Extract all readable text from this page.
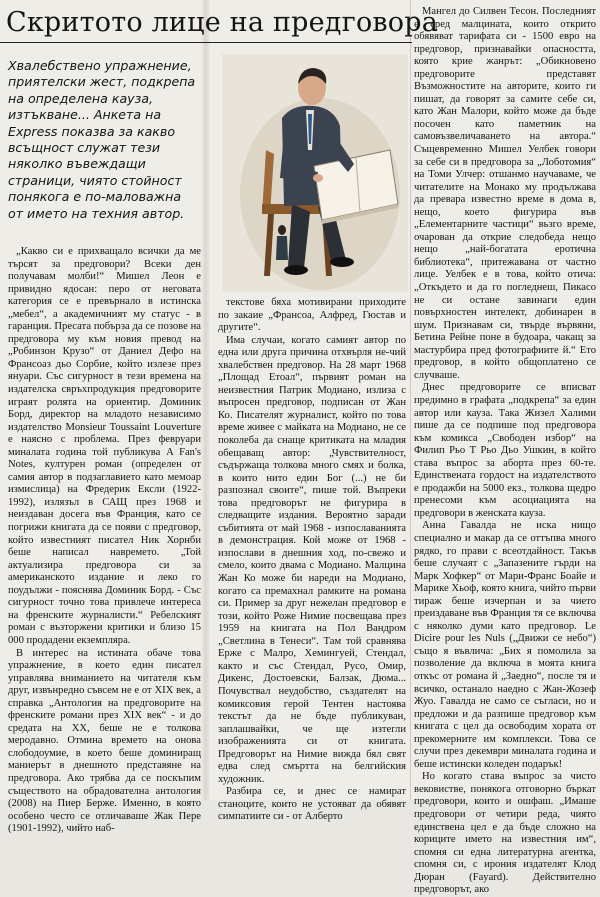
Скритото лице на предговора
Хвалебствено упражнение, приятелски жест, подкрепа на определена кауза, изтъкване... Анкета на Express показва за какво всъщност служат тези няколко въвеждащи страници, чиято стойност понякога е по-маловажна от името на техния автор.

„Какво си е прихващало всички да ме търсят за предговори? Всеки ден получавам молби!“ Мишел Леон е привидно ядосан: перо от неговата категория се е превърнало в истинска „мебел“, а академичният му статус - в гаранция. Пресата побърза да се позове на предговора му към новия превод на „Робинзон Крузо“ от Даниел Дефо на Франсоаз дьо Сорбие, който излезе през януари. Със сигурност в тези времена на издателска свръхпродукция предговорите играят ролята на ориентир. Доминик Борд, директор на младото независимо издателство Monsieur Toussaint Louverture е наясно с проблема. През февруари миналата година той публикува A Fan's Notes, културен роман (определен от самия автор в подзаглавието като мемоар измислица) на Фредерик Ексли (1922-1992), излязъл в САЩ през 1968 и неиздаван досега във Франция, като се погрижи книгата да се появи с предговор, който известният писател Ник Хорнби беше написал навремето. „Той актуализира предговора си за американското издание и леко го поудължи - пояснява Доминик Борд. - Със сигурност точно това привлече интереса на френските журналисти.“ Ребелският роман с възторжени критики и близо 15 000 продадени екземпляра.

В интерес на истината обаче това упражнение, в което един писател управлява вниманието на читателя към друг, извънредно съвсем не е от XIX век, а справка „Антология на предговорите на френските романи през XIX век“ - и до средата на XX, беше не е толкова мерoдавно. Отмина времето на онова слободоумие, в което беше доминиращ маниерът в днешното представяне на предговора. Ако трябва да се поскъпим съществото на обрадователна антология (2008) на Пиер Берже. Именно, в която особено често се отличаваше Жак Пере (1901-1992), чийто наб-

текстове бяха мотивирани приходите по закаие „Франсоа, Алфред, Гюстав и другите“.

Има случаи, когато самият автор по една или друга причина отхвърля не-чий хвалебствен предговор. На 28 март 1968 „Площад Етоал“, първият роман на неизвестния Патрик Модиано, излиза с въпросен предговор, подписан от Жан Ко. Писателят журналист, който по това време живее с майката на Модиано, не се поколеба да снаще критиката на младия обещаващ автор: „Чувствителност, съдържаща толкова много смях и болка, в които нито един Бог (...) не би разпознал своите“, пише той. Въпреки това предговорът не фигурира в следващите издания. Вероятно заради събитията от май 1968 - изпославанията в демонстрация. Кой може от 1968 - изпослави в днешния ход, по-свежо и смело, които двама с Модиано. Малцина Жан Ко може би нареди на Модиано, когато са премахнал рамките на романа си. Пример за друг нежелан предговор е този, който Роже Нимие посвещава през 1959 на книгата на Пол Вандром „Светлина в Тенеси“. Там той сравнява Ерже с Малро, Хемингуей, Стендал, както и със Стендал, Русо, Омир, Дикенс, Достоевски, Балзак, Дюма... Почувствал неудобство, създателят на комиксовия герой Тентен настоява текстът да не бъде публикуван, заплашвайки, че ще изтегли изображенията си от книгата. Предговорът на Нимие вижда бял свят едва след смъртта на белгийския художник.

Разбира се, и днес се намират станоците, които не устояват да обявят симпатиите си - от Алберто

Мангел до Силвен Тесон. Последният е сред малцината, които открито обявяват тарифата си - 1500 евро на предговор, признавайки опасността, която крие жанрът: „Обикновено предговорите представят Възможностите на авторите, които ги пишат, да говорят за самите себе си, като Жан Малори, който може да бъде посочен като паметник на самовъзвеличаването на автора.“ Същевременно Мишел Уелбек говори за себе си в предговора за „Лоботомия“ на Томи Улчер: отшанмо научаваме, че читателите на Монако му продължава да превара известно време в дома в, нещо, което фигурира във „Елементарните частици“ вьзго време, очарован да открие следобеда нещо нещо „най-богатата еротична библиотека“, притежавана от частно лице. Уелбек е в това, който отича: „Откъдето и да го погледнеш, Пикасо не си остане завинаги един повърхностен интелект, добинарен в шум. Признавам си, твърде вървяни, Бетина Рейне поне в будоара, чакащ за мастурбира пред фотографиите й.“ Ето предговор, в който общоплатено се случваше.

Днес предговорите се вписват предимно в графата „подкрепа“ за един автор или кауза. Така Жизел Халими пише да се подпише под предговора към комикса „Свободен избор“ на Филип Рьо Т Рьо Дьо Ушкин, в който става въпрос за аборта през 60-те. Единствената гордост на издателството е продажби на 5000 екз., толкова щедро пренесоми към асоциацията на предговори в женската каузa.

Анна Гавалда не иска нищо специално и макар да се оттъпва много рядко, го прави с всеотдайност. Такъв беше случаят с „Запазените гърди на Марк Хофкер“ от Мари-Франс Боайе и Марике Хьоф, която книга, чийто първи тираж беше изчерпан и за чието преиздаване във Франция тя се включва с няколко думи като предговор. Le Dicire pour les Nuls („Движи се небо“) също я въвлича: „Бих я помолила за позволение да включа в моята книга откъс от романа й „Заедно“, после тя и всичко, останало наедно с Жан-Жозеф Жуо. Гавалда не само се съгласи, но и предложи и да разпише предговор към книгата с цел да освободим хората от прекомерните им комплекси. Това се случи през декември миналата година и беше истински коледен подарък!

Но когато става въпрос за чисто вековистве, понякога отговорно бъркат предговори, които и ошфаш. „Имаше предговори от четири реда, чиято единствена цел е да бъде сложно на кориците името на известния им“, спомня си една литературна агентка, спомня си, с ирония издателят Клод Дюран (Fayard). Действително предговорът, ако
